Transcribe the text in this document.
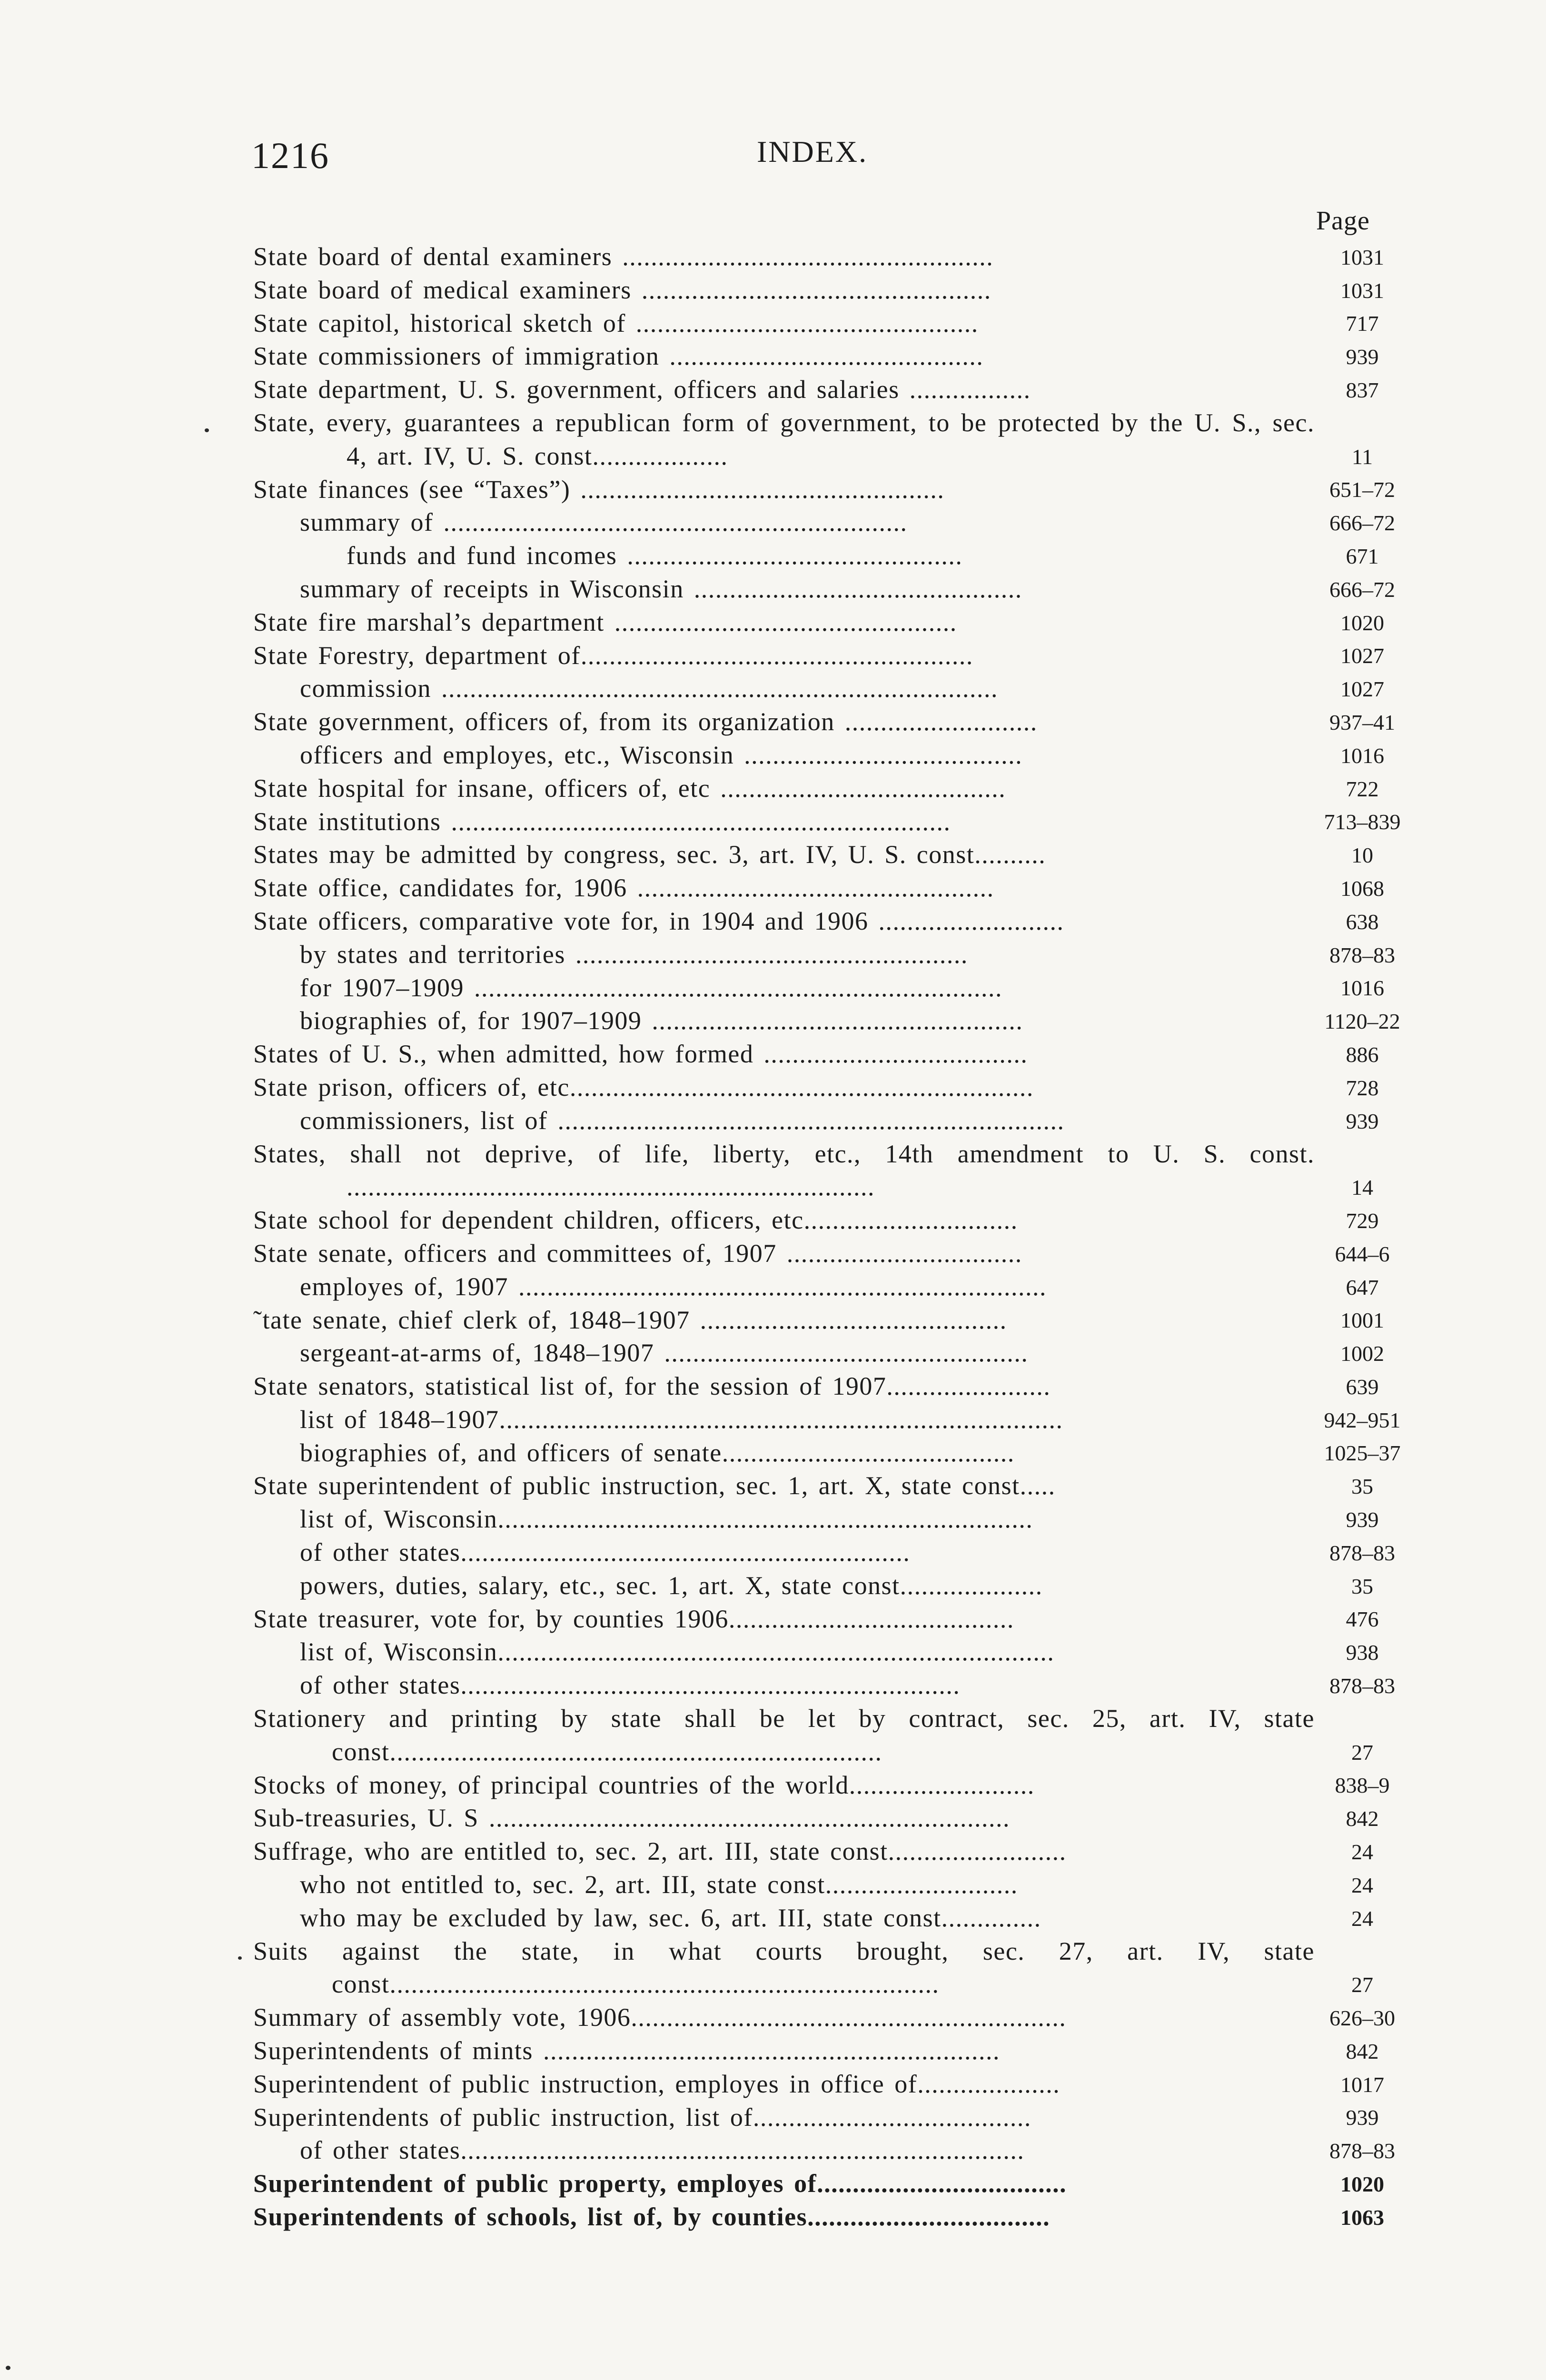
1216	INDEX.
Page
State board of dental examiners ....................................................	1031
State board of medical examiners .................................................	1031
State capitol, historical sketch of ................................................	717
State commissioners of immigration ............................................	939
State department, U. S. government, officers and salaries .................	837
State, every, guarantees a republican form of government, to be protected by the U. S., sec. 4, art. IV, U. S. const...................	11
State finances (see “Taxes”) ...................................................	651–72
summary of .................................................................	666–72
funds and fund incomes ...............................................	671
summary of receipts in Wisconsin ..............................................	666–72
State fire marshal’s department ................................................	1020
State Forestry, department of.......................................................	1027
commission ..............................................................................	1027
State government, officers of, from its organization ...........................	937–41
officers and employes, etc., Wisconsin .......................................	1016
State hospital for insane, officers of, etc ........................................	722
State institutions ......................................................................	713–839
States may be admitted by congress, sec. 3, art. IV, U. S. const..........	10
State office, candidates for, 1906 ..................................................	1068
State officers, comparative vote for, in 1904 and 1906 ..........................	638
by states and territories .......................................................	878–83
for 1907–1909 ..........................................................................	1016
biographies of, for 1907–1909 ....................................................	1120–22
States of U. S., when admitted, how formed .....................................	886
State prison, officers of, etc.................................................................	728
commissioners, list of .......................................................................	939
States, shall not deprive, of life, liberty, etc., 14th amendment to U. S. const. ..........................................................................	14
State school for dependent children, officers, etc..............................	729
State senate, officers and committees of, 1907 .................................	644–6
employes of, 1907 ..........................................................................	647
˜tate senate, chief clerk of, 1848–1907 ...........................................	1001
sergeant-at-arms of, 1848–1907 ...................................................	1002
State senators, statistical list of, for the session of 1907.......................	639
list of 1848–1907...............................................................................	942–951
biographies of, and officers of senate.........................................	1025–37
State superintendent of public instruction, sec. 1, art. X, state const.....	35
list of, Wisconsin...........................................................................	939
of other states...............................................................	878–83
powers, duties, salary, etc., sec. 1, art. X, state const....................	35
State treasurer, vote for, by counties 1906........................................	476
list of, Wisconsin..............................................................................	938
of other states......................................................................	878–83
Stationery and printing by state shall be let by contract, sec. 25, art. IV, state const.....................................................................	27
Stocks of money, of principal countries of the world..........................	838–9
Sub-treasuries, U. S .........................................................................	842
Suffrage, who are entitled to, sec. 2, art. III, state const.........................	24
who not entitled to, sec. 2, art. III, state const...........................	24
who may be excluded by law, sec. 6, art. III, state const..............	24
Suits against the state, in what courts brought, sec. 27, art. IV, state const.............................................................................	27
Summary of assembly vote, 1906.............................................................	626–30
Superintendents of mints ................................................................	842
Superintendent of public instruction, employes in office of....................	1017
Superintendents of public instruction, list of.......................................	939
of other states...............................................................................	878–83
Superintendent of public property, employes of...................................	1020
Superintendents of schools, list of, by counties..................................	1063
